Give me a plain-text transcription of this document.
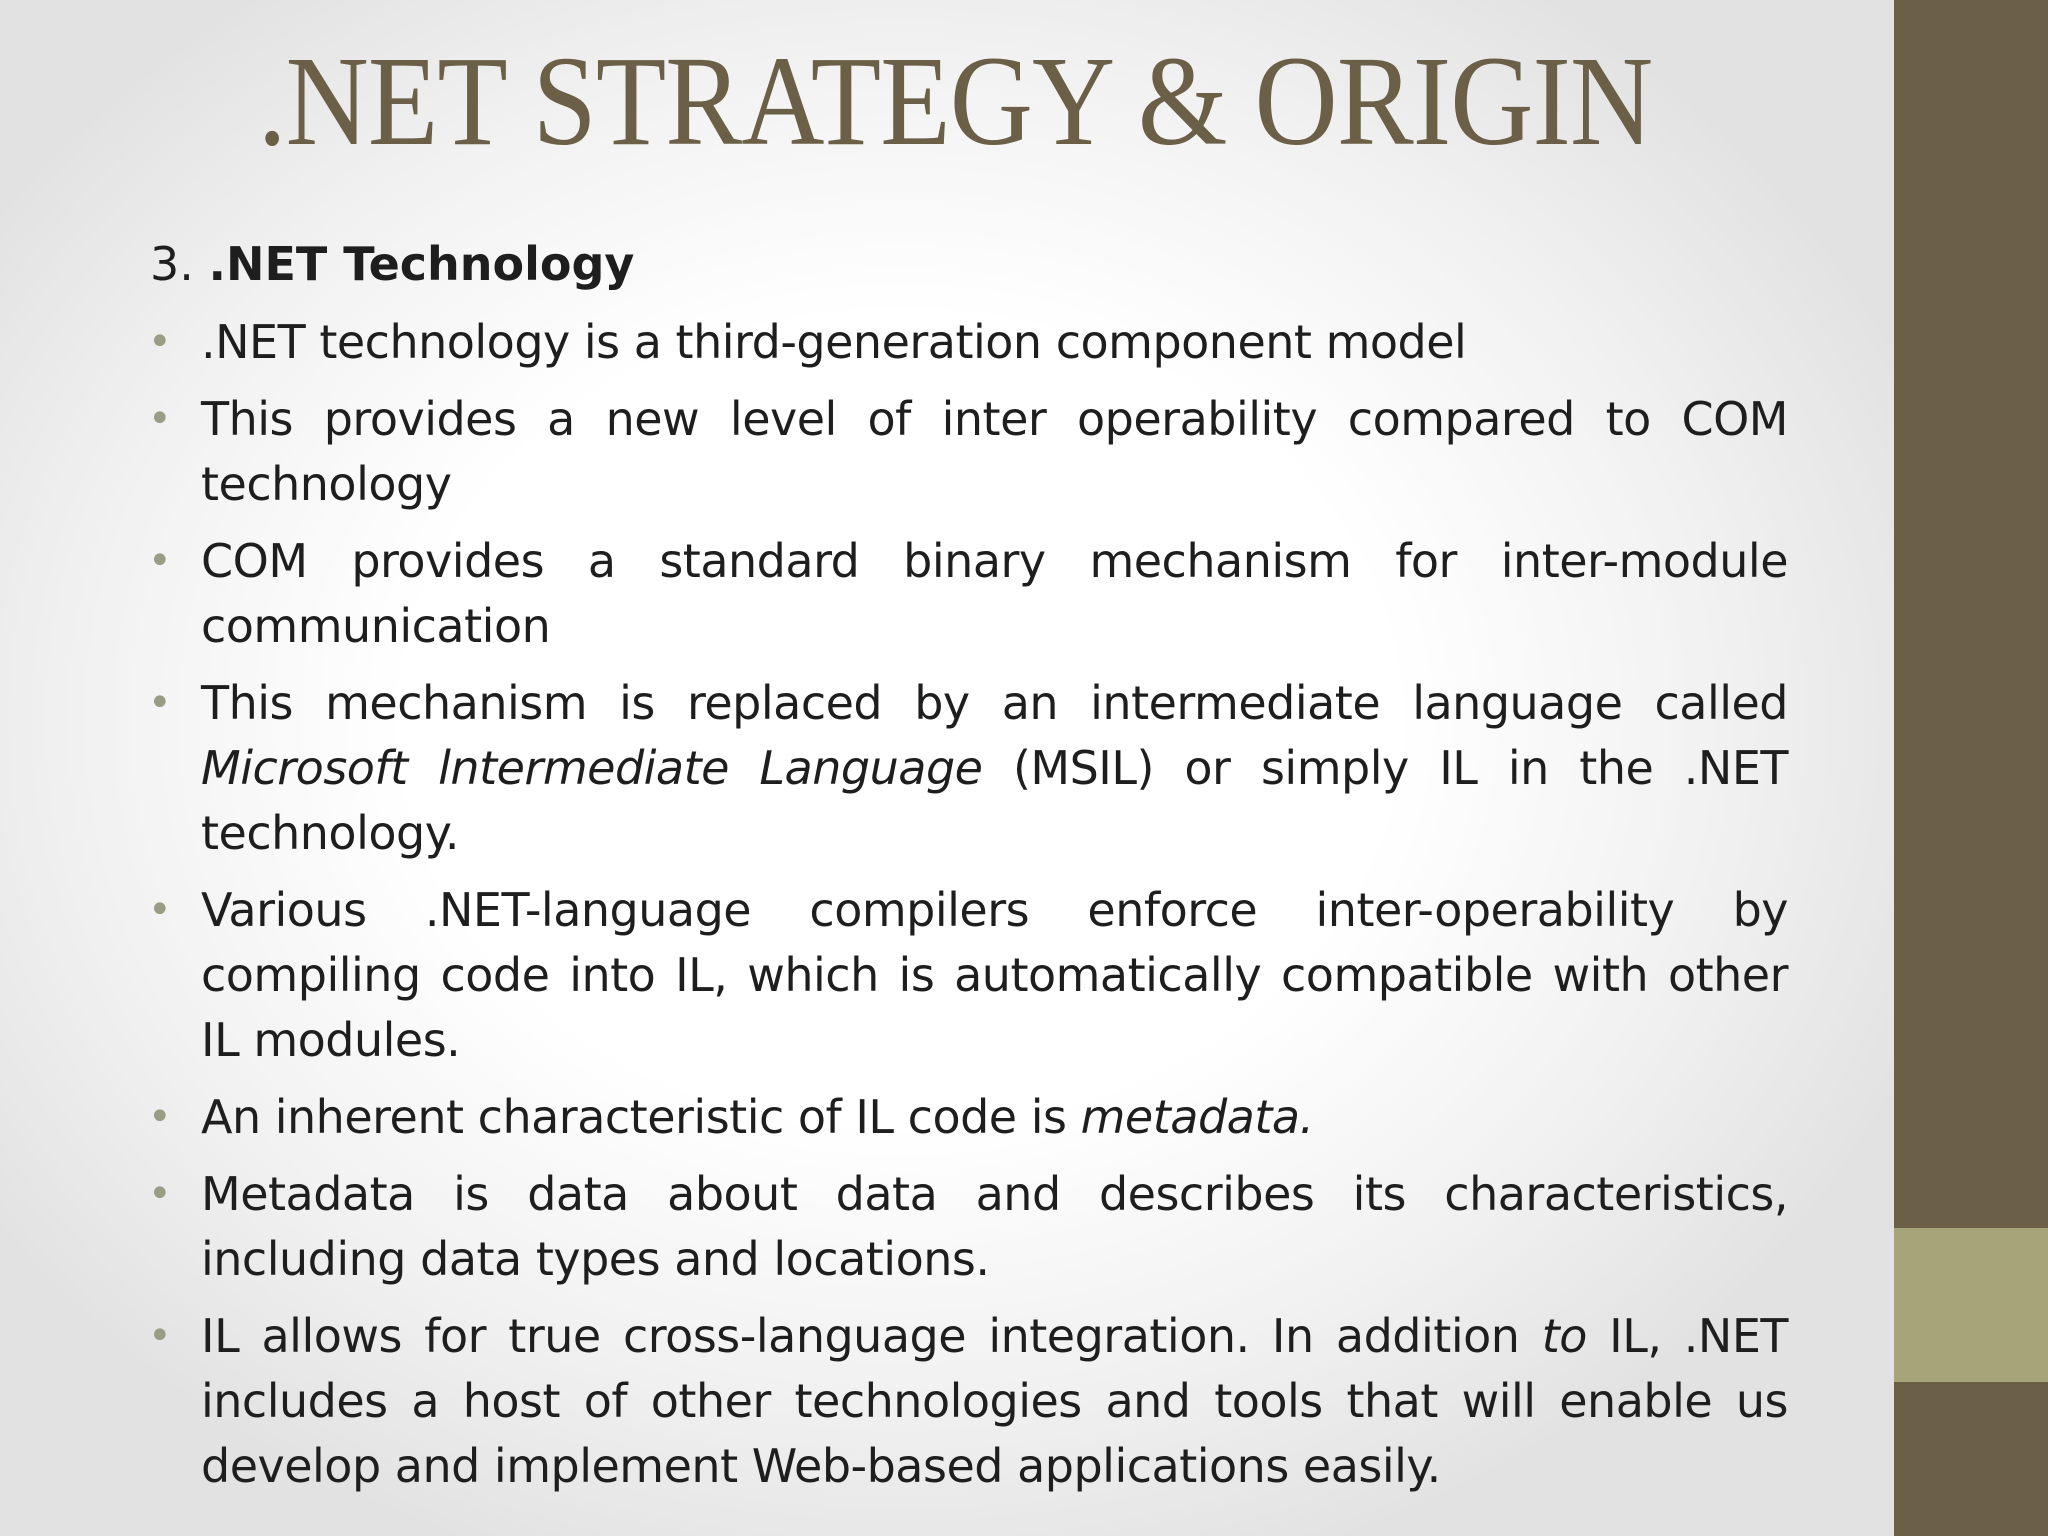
.NET STRATEGY & ORIGIN

3. .NET Technology

• .NET technology is a third-generation component model
• This provides a new level of inter operability compared to COM technology
• COM provides a standard binary mechanism for inter-module communication
• This mechanism is replaced by an intermediate language called Microsoft lntermediate Language (MSIL) or simply IL in the .NET technology.
• Various .NET-language compilers enforce inter-operability by compiling code into IL, which is automatically compatible with other IL modules.
• An inherent characteristic of IL code is metadata.
• Metadata is data about data and describes its characteristics, including data types and locations.
• IL allows for true cross-language integration. In addition to IL, .NET includes a host of other technologies and tools that will enable us develop and implement Web-based applications easily.
